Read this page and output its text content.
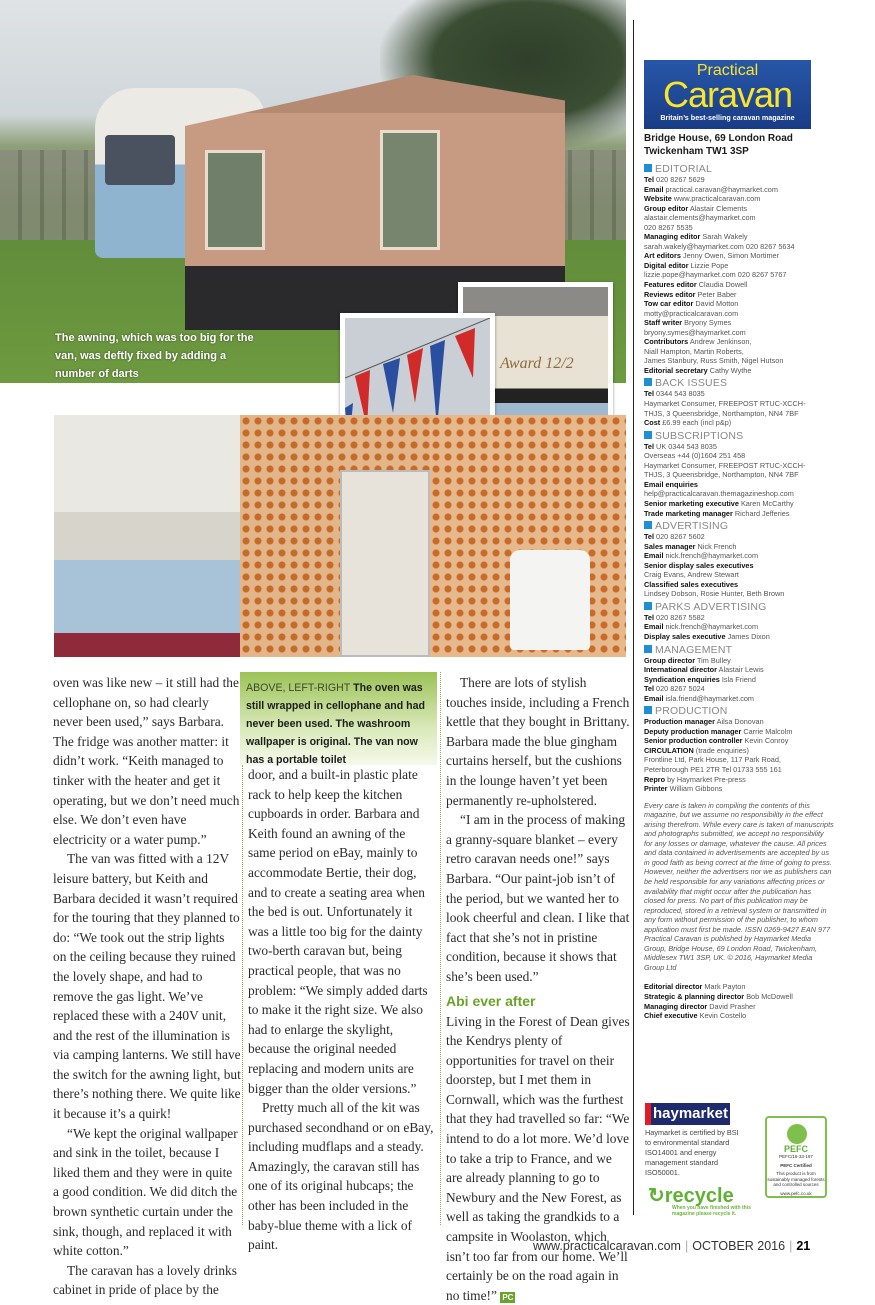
The awning, which was too big for the van, was deftly fixed by adding a number of darts
Award 12/2

oven was like new – it still had the cellophane on, so had clearly never been used,” says Barbara. The fridge was another matter: it didn’t work. “Keith managed to tinker with the heater and get it operating, but we don’t need much else. We don’t even have electricity or a water pump.”

The van was fitted with a 12V leisure battery, but Keith and Barbara decided it wasn’t required for the touring that they planned to do: “We took out the strip lights on the ceiling because they ruined the lovely shape, and had to remove the gas light. We’ve replaced these with a 240V unit, and the rest of the illumination is via camping lanterns. We still have the switch for the awning light, but there’s nothing there. We quite like it because it’s a quirk!

“We kept the original wallpaper and sink in the toilet, because I liked them and they were in quite a good condition. We did ditch the brown synthetic curtain under the sink, though, and replaced it with white cotton.”

The caravan has a lovely drinks cabinet in pride of place by the

ABOVE, LEFT-RIGHT The oven was still wrapped in cellophane and had never been used. The washroom wallpaper is original. The van now has a portable toilet

door, and a built-in plastic plate rack to help keep the kitchen cupboards in order. Barbara and Keith found an awning of the same period on eBay, mainly to accommodate Bertie, their dog, and to create a seating area when the bed is out. Unfortunately it was a little too big for the dainty two-berth caravan but, being practical people, that was no problem: “We simply added darts to make it the right size. We also had to enlarge the skylight, because the original needed replacing and modern units are bigger than the older versions.”

Pretty much all of the kit was purchased secondhand or on eBay, including mudflaps and a steady. Amazingly, the caravan still has one of its original hubcaps; the other has been included in the baby-blue theme with a lick of paint.

There are lots of stylish touches inside, including a French kettle that they bought in Brittany. Barbara made the blue gingham curtains herself, but the cushions in the lounge haven’t yet been permanently re-upholstered.

“I am in the process of making a granny-square blanket – every retro caravan needs one!” says Barbara. “Our paint-job isn’t of the period, but we wanted her to look cheerful and clean. I like that fact that she’s not in pristine condition, because it shows that she’s been used.”

Abi ever after

Living in the Forest of Dean gives the Kendrys plenty of opportunities for travel on their doorstep, but I met them in Cornwall, which was the furthest that they had travelled so far: “We intend to do a lot more. We’d love to take a trip to France, and we are already planning to go to Newbury and the New Forest, as well as taking the grandkids to a campsite in Woolaston, which isn’t too far from our home. We’ll certainly be on the road again in no time!” PC

Practical
Caravan
Britain’s best-selling caravan magazine
Bridge House, 69 London Road
Twickenham TW1 3SP
EDITORIAL
Tel 020 8267 5629
Email practical.caravan@haymarket.com
Website www.practicalcaravan.com
Group editor Alastair Clements
alastair.clements@haymarket.com
020 8267 5535
Managing editor Sarah Wakely
sarah.wakely@haymarket.com 020 8267 5634
Art editors Jenny Owen, Simon Mortimer
Digital editor Lizzie Pope
lizzie.pope@haymarket.com 020 8267 5767
Features editor Claudia Dowell
Reviews editor Peter Baber
Tow car editor David Motton
motty@practicalcaravan.com
Staff writer Bryony Symes
bryony.symes@haymarket.com
Contributors Andrew Jenkinson,
Niall Hampton, Martin Roberts,
James Stanbury, Russ Smith, Nigel Hutson
Editorial secretary Cathy Wythe
BACK ISSUES
Tel 0344 543 8035
Haymarket Consumer, FREEPOST RTUC-XCCH-
THJS, 3 Queensbridge, Northampton, NN4 7BF
Cost £6.99 each (incl p&p)
SUBSCRIPTIONS
Tel UK 0344 543 8035
Overseas +44 (0)1604 251 458
Haymarket Consumer, FREEPOST RTUC-XCCH-
THJS, 3 Queensbridge, Northampton, NN4 7BF
Email enquiries
help@practicalcaravan.themagazineshop.com
Senior marketing executive Karen McCarthy
Trade marketing manager Richard Jefferies
ADVERTISING
Tel 020 8267 5602
Sales manager Nick French
Email nick.french@haymarket.com
Senior display sales executives
Craig Evans, Andrew Stewart
Classified sales executives
Lindsey Dobson, Rosie Hunter, Beth Brown
PARKS ADVERTISING
Tel 020 8267 5582
Email nick.french@haymarket.com
Display sales executive James Dixon
MANAGEMENT
Group director Tim Bulley
International director Alastair Lewis
Syndication enquiries Isla Friend
Tel 020 8267 5024
Email isla.friend@haymarket.com
PRODUCTION
Production manager Ailsa Donovan
Deputy production manager Carrie Malcolm
Senior production controller Kevin Conroy
CIRCULATION (trade enquiries)
Frontline Ltd, Park House, 117 Park Road,
Peterborough PE1 2TR Tel 01733 555 161
Repro by Haymarket Pre-press
Printer William Gibbons
Every care is taken in compiling the contents of this magazine, but we assume no responsibility in the effect arising therefrom. While every care is taken of manuscripts and photographs submitted, we accept no responsibility for any losses or damage, whatever the cause. All prices and data contained in advertisements are accepted by us in good faith as being correct at the time of going to press. However, neither the advertisers nor we as publishers can be held responsible for any variations affecting prices or availability that might occur after the publication has closed for press. No part of this publication may be reproduced, stored in a retrieval system or transmitted in any form without permission of the publisher, to whom application must first be made. ISSN 0269-9427 EAN 977 Practical Caravan is published by Haymarket Media Group, Bridge House, 69 London Road, Twickenham, Middlesex TW1 3SP, UK. © 2016, Haymarket Media Group Ltd
Editorial director Mark Payton
Strategic & planning director Bob McDowell
Managing director David Prasher
Chief executive Kevin Costello
haymarket
Haymarket is certified by BSI to environmental standard ISO14001 and energy management standard ISO50001.
↻recycle
When you have finished with this magazine please recycle it.
PEFC
PEFC/16-33-197
PEFC Certified
This product is from sustainably managed forests and controlled sources
www.pefc.co.uk
www.practicalcaravan.com | OCTOBER 2016 | 21
